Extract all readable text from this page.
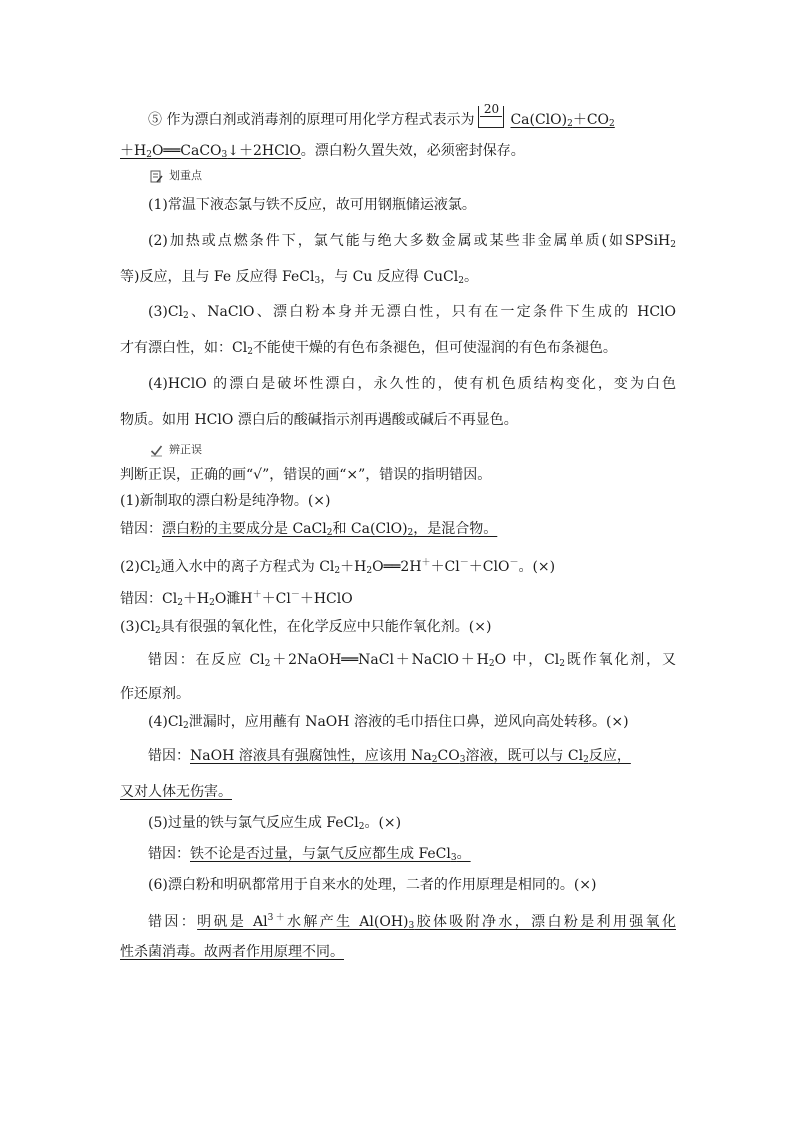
⑤ 作为漂白剂或消毒剂的原理可用化学方程式表示为
20
$Ca(ClO)_2+CO_2$
$+H_2O══CaCO_3↓+2HClO$。漂白粉久置失效，必须密封保存。
划重点
(1)常温下液态氯与铁不反应，故可用钢瓶储运液氯。
(2)加热或点燃条件下，氯气能与绝大多数金属或某些非金属单质(如SPSiH$_2$
等)反应，且与 Fe 反应得 FeCl$_3$，与 Cu 反应得 CuCl$_2$。
$(3)Cl_2$、NaClO、漂白粉本身并无漂白性，只有在一定条件下生成的 HClO
才有漂白性，如：$Cl_2$不能使干燥的有色布条褪色，但可使湿润的有色布条褪色。
(4)HClO 的漂白是破坏性漂白，永久性的，使有机色质结构变化，变为白色
物质。如用 HClO 漂白后的酸碱指示剂再遇酸或碱后不再显色。
辨正误
判断正误，正确的画“√”，错误的画“×”，错误的指明错因。
(1)新制取的漂白粉是纯净物。(×)
错因：漂白粉的主要成分是 CaCl$_2$和 $Ca(ClO)_2$，是混合物。
$(2)Cl_2$通入水中的离子方程式为 $Cl_2+H_2O══2H^++Cl^-+ClO^-$。(×)
错因：$Cl_2+H_2O$濉H＋＋Cl－＋HClO
$(3)Cl_2$具有很强的氧化性，在化学反应中只能作氧化剂。(×)
错因：在反应 $Cl_2+2NaOH══NaCl+NaClO+H_2O$ 中，$Cl_2$既作氧化剂，又
作还原剂。
$(4)Cl_2$泄漏时，应用蘸有 NaOH 溶液的毛巾捂住口鼻，逆风向高处转移。(×)
错因：NaOH 溶液具有强腐蚀性，应该用 $Na_2CO_3$溶液，既可以与 $Cl_2$反应，
又对人体无伤害。
(5)过量的铁与氯气反应生成 FeCl$_2$。(×)
错因：铁不论是否过量，与氯气反应都生成 FeCl$_3$。
(6)漂白粉和明矾都常用于自来水的处理，二者的作用原理是相同的。(×)
错因：明矾是 $Al^{3+}$水解产生 $Al(OH)_3$胶体吸附净水，漂白粉是利用强氧化
性杀菌消毒。故两者作用原理不同。
